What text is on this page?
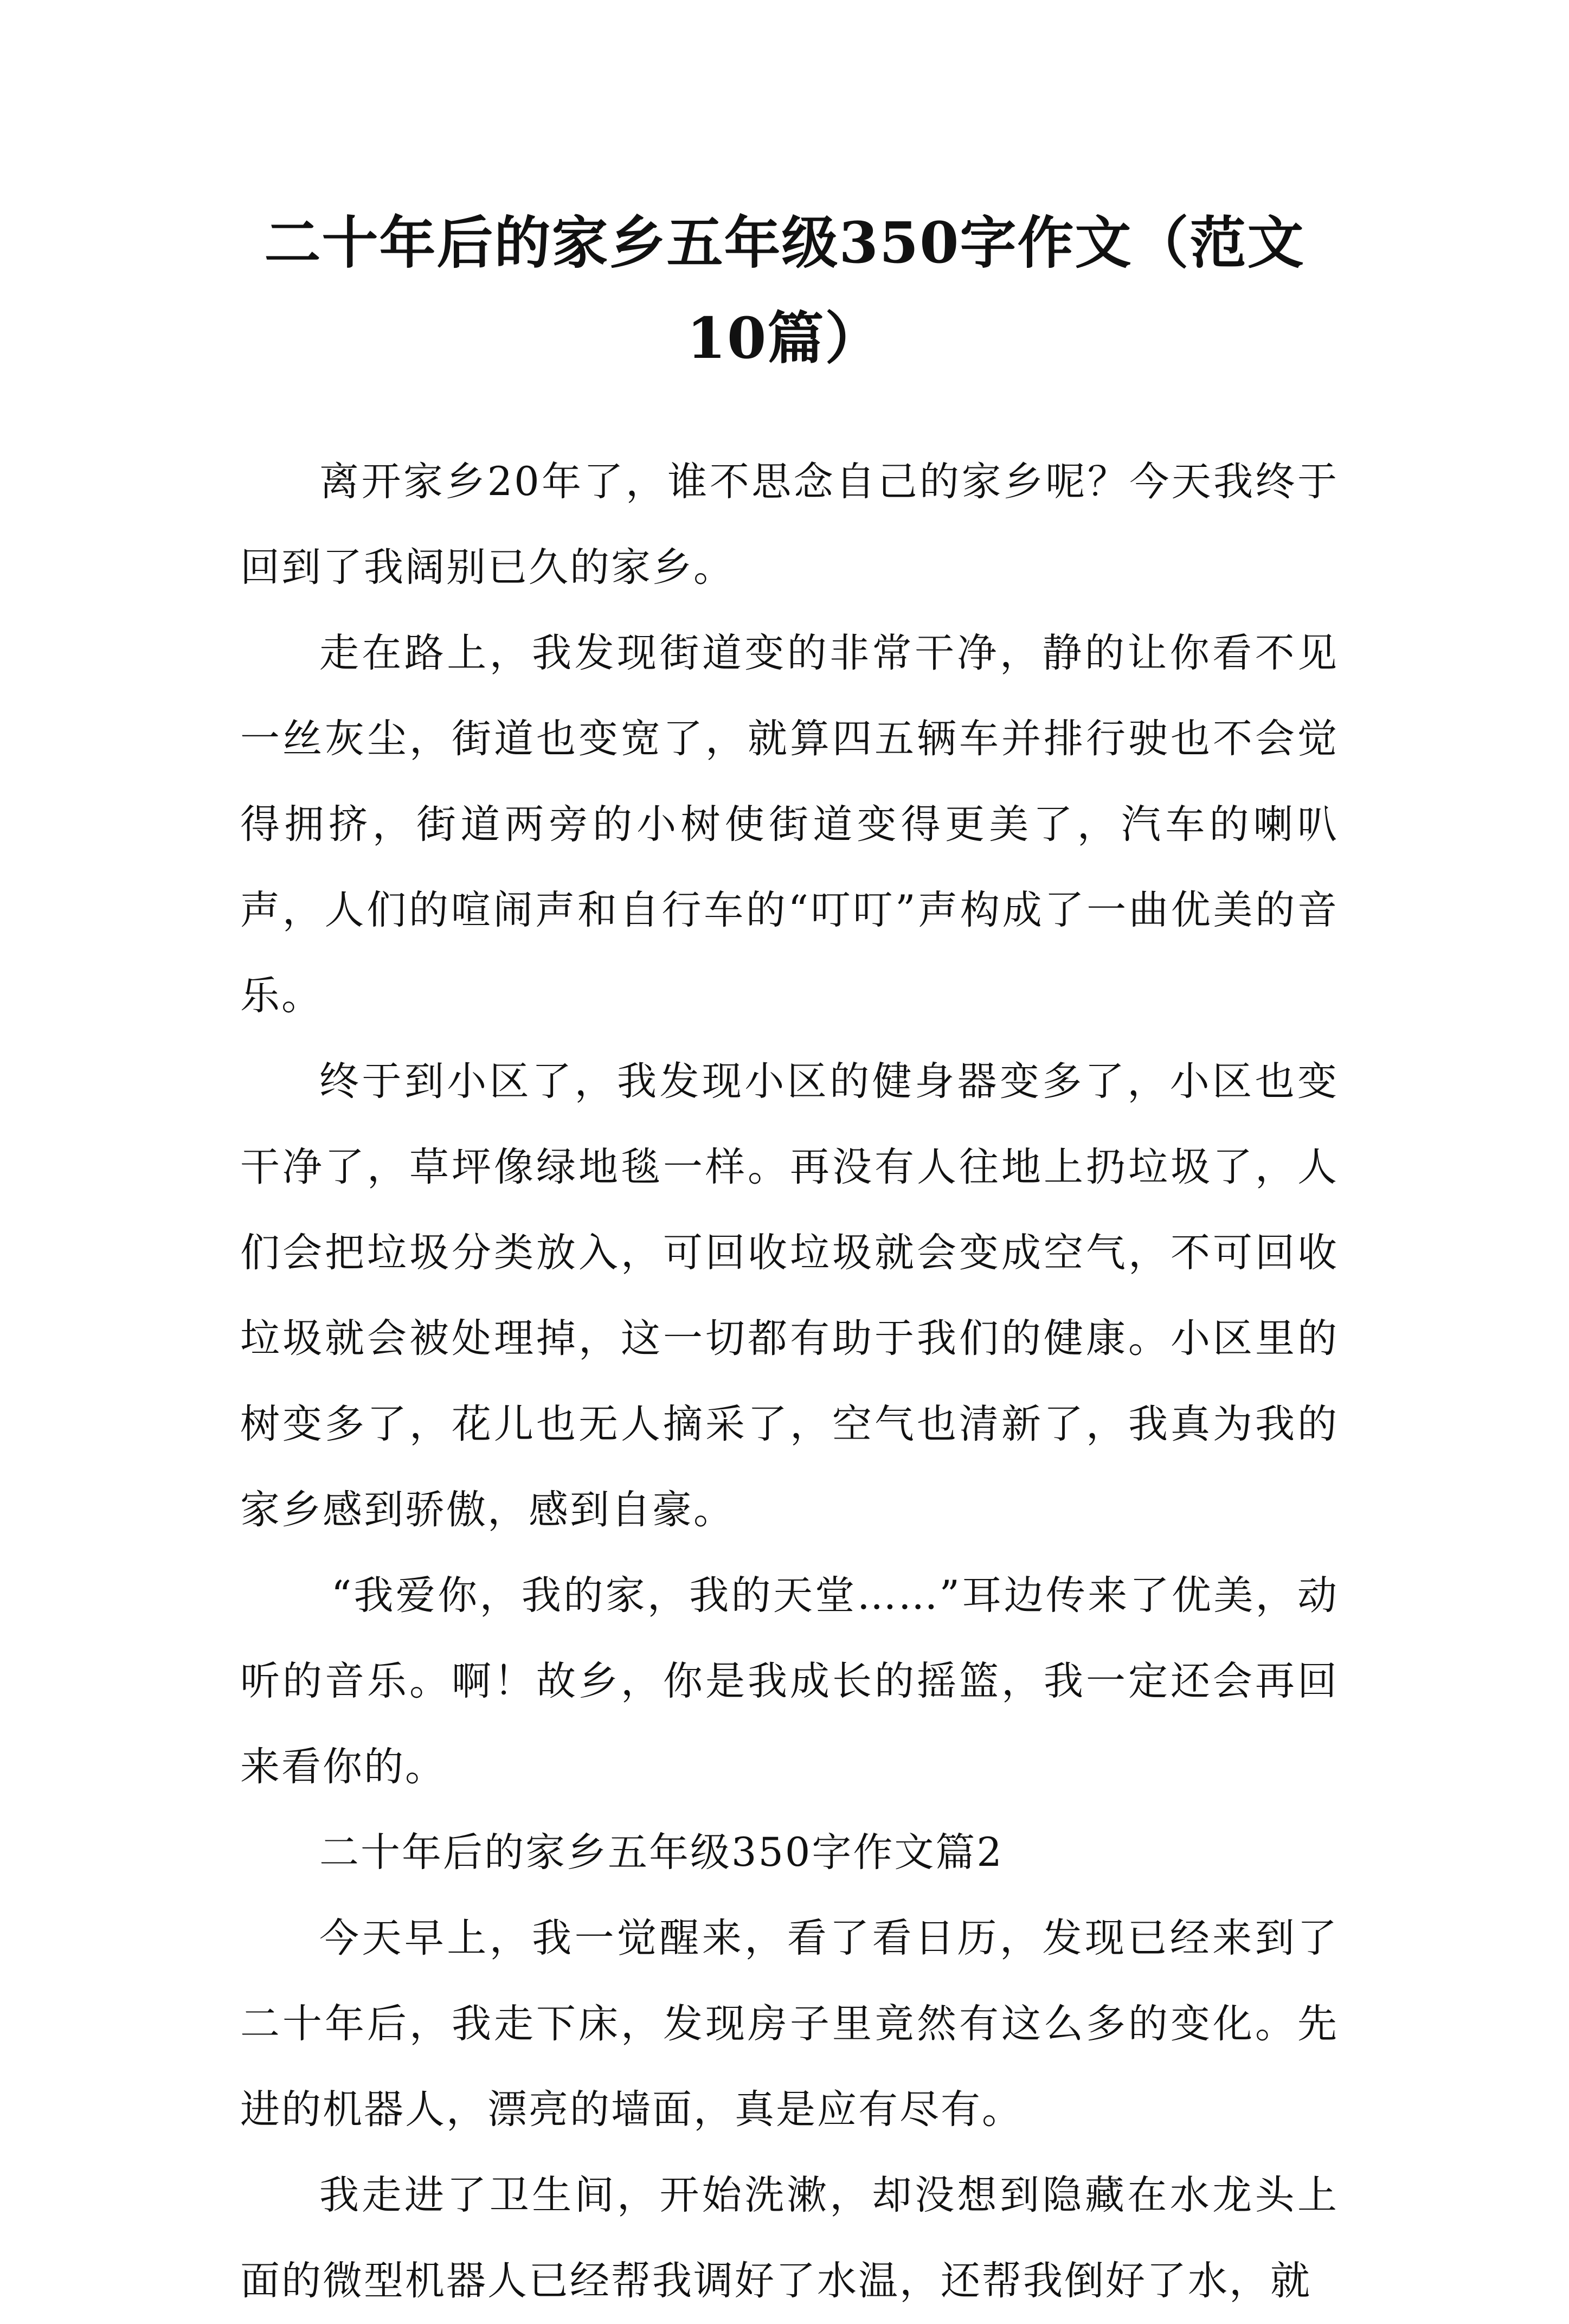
二十年后的家乡五年级350字作文（范文10篇）

离开家乡20年了，谁不思念自己的家乡呢？今天我终于回到了我阔别已久的家乡。

走在路上，我发现街道变的非常干净，静的让你看不见一丝灰尘，街道也变宽了，就算四五辆车并排行驶也不会觉得拥挤，街道两旁的小树使街道变得更美了，汽车的喇叭声，人们的喧闹声和自行车的“叮叮”声构成了一曲优美的音乐。

终于到小区了，我发现小区的健身器变多了，小区也变干净了，草坪像绿地毯一样。再没有人往地上扔垃圾了，人们会把垃圾分类放入，可回收垃圾就会变成空气，不可回收垃圾就会被处理掉，这一切都有助于我们的健康。小区里的树变多了，花儿也无人摘采了，空气也清新了，我真为我的家乡感到骄傲，感到自豪。

“我爱你，我的家，我的天堂……”耳边传来了优美，动听的音乐。啊！故乡，你是我成长的摇篮，我一定还会再回来看你的。

二十年后的家乡五年级350字作文篇2

今天早上，我一觉醒来，看了看日历，发现已经来到了二十年后，我走下床，发现房子里竟然有这么多的变化。先进的机器人，漂亮的墙面，真是应有尽有。

我走进了卫生间，开始洗漱，却没想到隐藏在水龙头上面的微型机器人已经帮我调好了水温，还帮我倒好了水，就
